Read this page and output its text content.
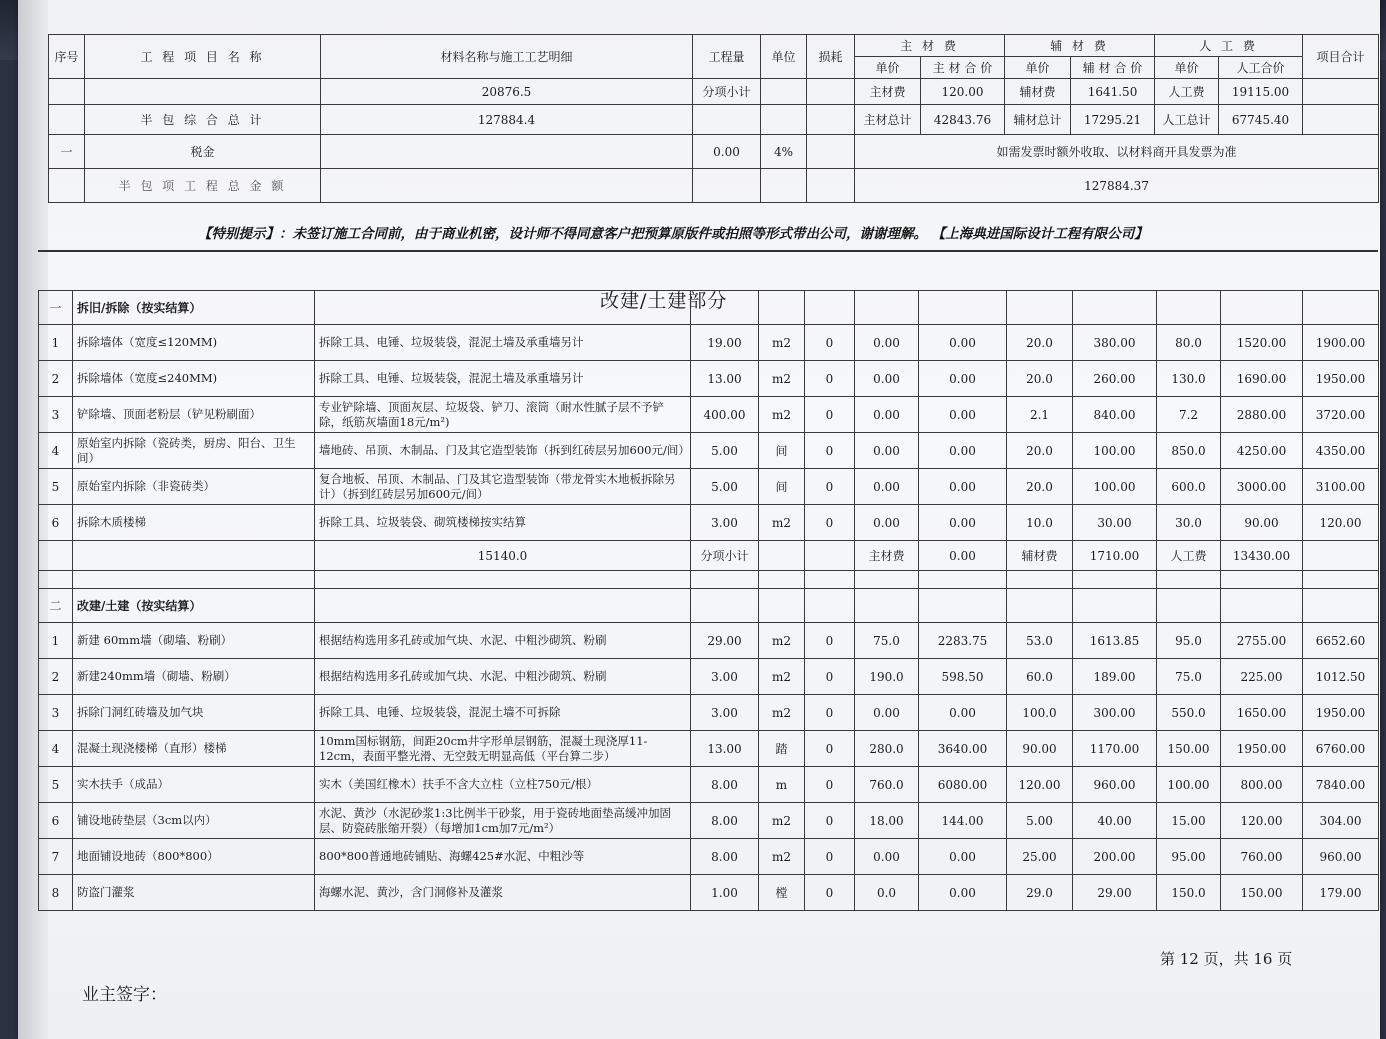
序号	工 程 项 目 名 称	材料名称与施工工艺明细	工程量	单位	损耗	主 材 费		辅 材 费		人 工 费		项目合计
						单价	主 材 合 价	单价	辅 材 合 价	单价	人工合价	
		20876.5	分项小计			主材费	120.00	辅材费	1641.50	人工费	19115.00	
	半 包 综 合 总 计	127884.4				主材总计	42843.76	辅材总计	17295.21	人工总计	67745.40	
一	税金		0.00	4%		如需发票时额外收取、以材料商开具发票为准						
	半 包 项 工 程 总 金 额					127884.37						
【特别提示】：未签订施工合同前，由于商业机密，设计师不得同意客户把预算原版件或拍照等形式带出公司，谢谢理解。 【上海典进国际设计工程有限公司】
改建/土建部分
一	拆旧/拆除（按实结算）											
1	拆除墙体（宽度≤120MM)	拆除工具、电锤、垃圾装袋，混泥土墙及承重墙另计	19.00	m2	0	0.00	0.00	20.0	380.00	80.0	1520.00	1900.00
2	拆除墙体（宽度≤240MM)	拆除工具、电锤、垃圾装袋，混泥土墙及承重墙另计	13.00	m2	0	0.00	0.00	20.0	260.00	130.0	1690.00	1950.00
3	铲除墙、顶面老粉层（铲见粉刷面）	专业铲除墙、顶面灰层、垃圾袋、铲刀、滚筒（耐水性腻子层不予铲除，纸筋灰墙面18元/m²)	400.00	m2	0	0.00	0.00	2.1	840.00	7.2	2880.00	3720.00
4	原始室内拆除（瓷砖类，厨房、阳台、卫生间）	墙地砖、吊顶、木制品、门及其它造型装饰（拆到红砖层另加600元/间）	5.00	间	0	0.00	0.00	20.0	100.00	850.0	4250.00	4350.00
5	原始室内拆除（非瓷砖类）	复合地板、吊顶、木制品、门及其它造型装饰（带龙骨实木地板拆除另计）（拆到红砖层另加600元/间）	5.00	间	0	0.00	0.00	20.0	100.00	600.0	3000.00	3100.00
6	拆除木质楼梯	拆除工具、垃圾装袋、砌筑楼梯按实结算	3.00	m2	0	0.00	0.00	10.0	30.00	30.0	90.00	120.00
		15140.0	分项小计			主材费	0.00	辅材费	1710.00	人工费	13430.00	

二	改建/土建（按实结算）											
1	新建 60mm墙（砌墙、粉刷）	根据结构选用多孔砖或加气块、水泥、中粗沙砌筑、粉刷	29.00	m2	0	75.0	2283.75	53.0	1613.85	95.0	2755.00	6652.60
2	新建240mm墙（砌墙、粉刷）	根据结构选用多孔砖或加气块、水泥、中粗沙砌筑、粉刷	3.00	m2	0	190.0	598.50	60.0	189.00	75.0	225.00	1012.50
3	拆除门洞红砖墙及加气块	拆除工具、电锤、垃圾装袋，混泥土墙不可拆除	3.00	m2	0	0.00	0.00	100.0	300.00	550.0	1650.00	1950.00
4	混凝土现浇楼梯（直形）楼梯	10mm国标钢筋，间距20cm井字形单层钢筋，混凝土现浇厚11-12cm，表面平整光滑、无空鼓无明显高低（平台算二步）	13.00	踏	0	280.0	3640.00	90.00	1170.00	150.00	1950.00	6760.00
5	实木扶手（成品）	实木（美国红橡木）扶手不含大立柱（立柱750元/根）	8.00	m	0	760.0	6080.00	120.00	960.00	100.00	800.00	7840.00
6	铺设地砖垫层（3cm以内）	水泥、黄沙（水泥砂浆1:3比例半干砂浆，用于瓷砖地面垫高缓冲加固层、防瓷砖胀缩开裂）（每增加1cm加7元/m²）	8.00	m2	0	18.00	144.00	5.00	40.00	15.00	120.00	304.00
7	地面铺设地砖（800*800）	800*800普通地砖铺贴、海螺425#水泥、中粗沙等	8.00	m2	0	0.00	0.00	25.00	200.00	95.00	760.00	960.00
8	防盗门灌浆	海螺水泥、黄沙，含门洞修补及灌浆	1.00	樘	0	0.0	0.00	29.0	29.00	150.0	150.00	179.00
第 12 页，共 16 页
业主签字：
